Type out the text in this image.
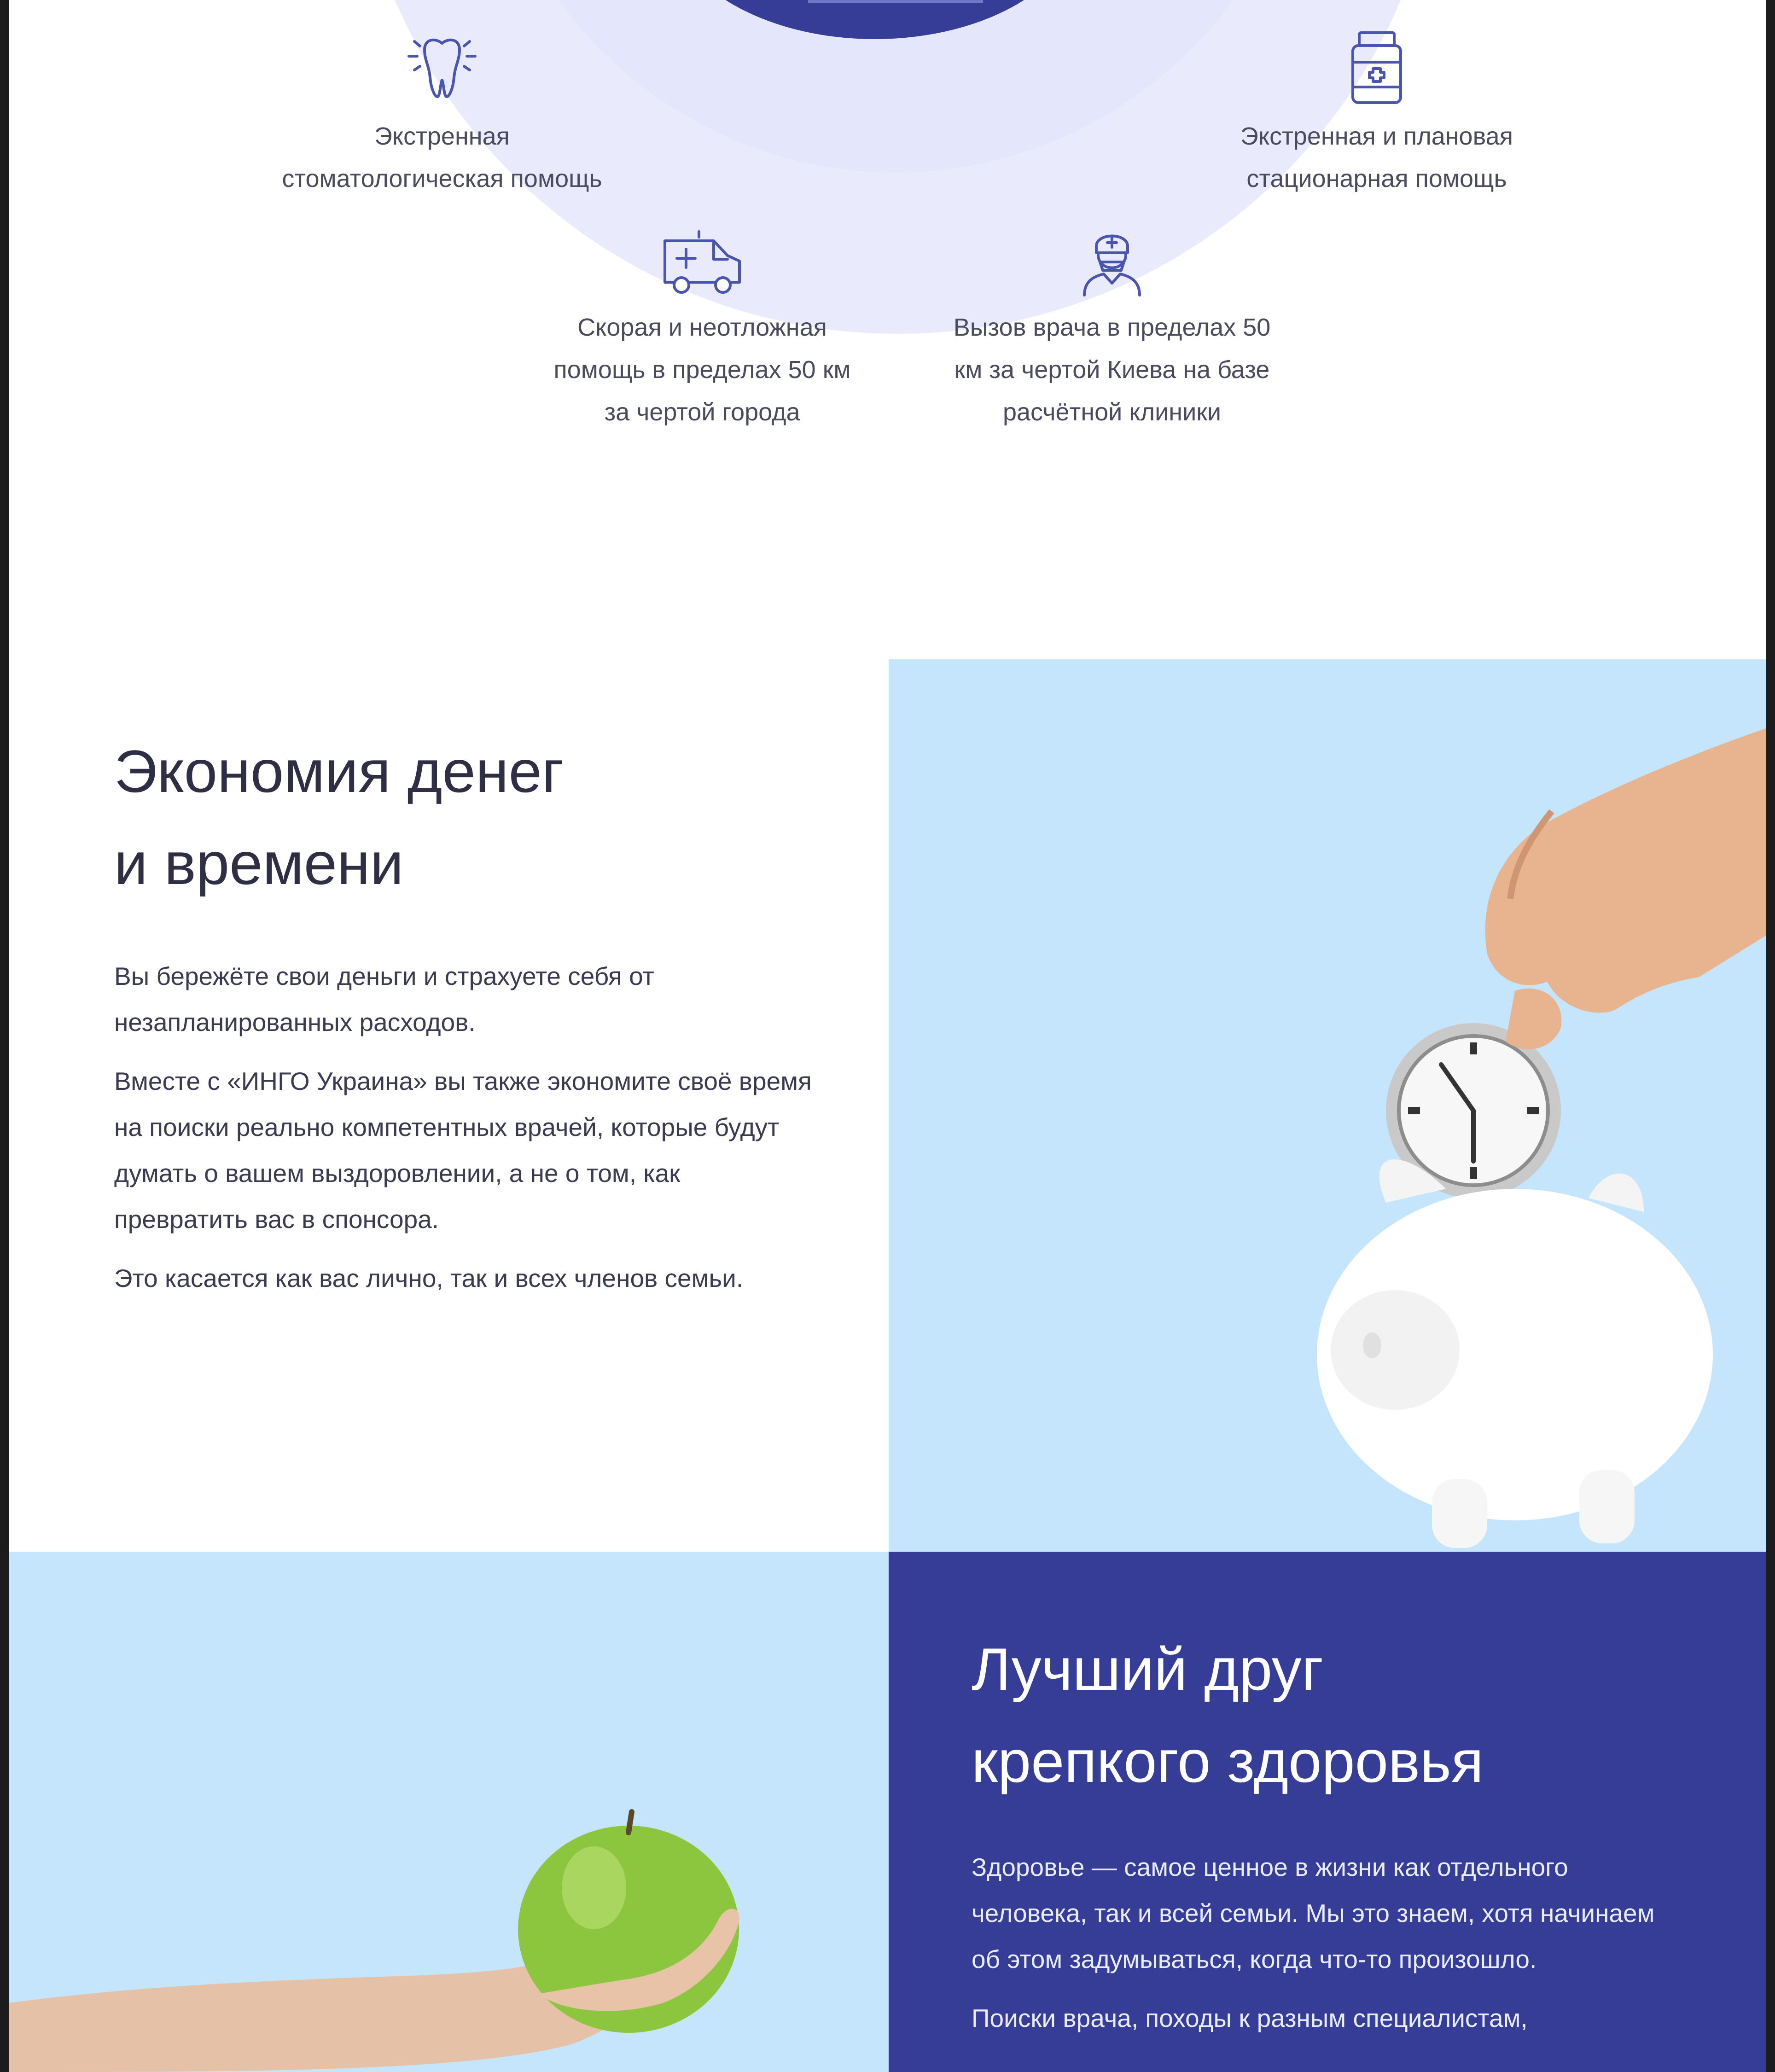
Экстренная
стоматологическая помощь
Экстренная и плановая
стационарная помощь
Скорая и неотложная
помощь в пределах 50 км
за чертой города
Вызов врача в пределах 50
км за чертой Киева на базе
расчётной клиники
Экономия денег
и времени

Вы бережёте свои деньги и страхуете себя от незапланированных расходов.

Вместе с «ИНГО Украина» вы также экономите своё время на поиски реально компетентных врачей, которые будут думать о вашем выздоровлении, а не о том, как превратить вас в спонсора.

Это касается как вас лично, так и всех членов семьи.

Лучший друг
крепкого здоровья

Здоровье — самое ценное в жизни как отдельного человека, так и всей семьи. Мы это знаем, хотя начинаем об этом задумываться, когда что-то произошло.

Поиски врача, походы к разным специалистам,
